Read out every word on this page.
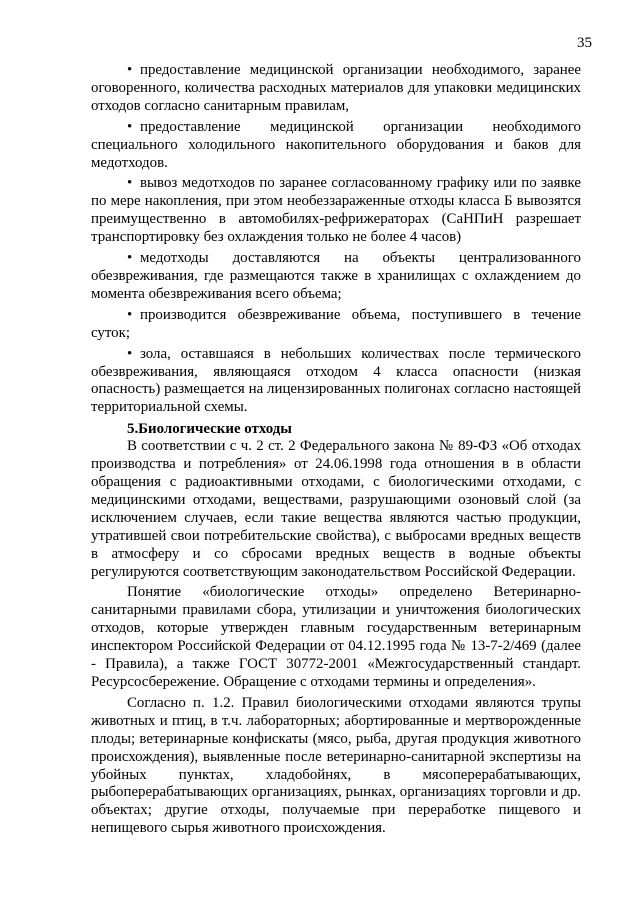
35

• предоставление медицинской организации необходимого, заранее оговоренного, количества расходных материалов для упаковки медицинских отходов согласно санитарным правилам,

• предоставление медицинской организации необходимого специального холодильного накопительного оборудования и баков для медотходов.

• вывоз медотходов по заранее согласованному графику или по заявке по мере накопления, при этом необеззараженные отходы класса Б вывозятся преимущественно в автомобилях-рефрижераторах (СаНПиН разрешает транспортировку без охлаждения только не более 4 часов)

• медотходы доставляются на объекты централизованного обезвреживания, где размещаются также в хранилищах с охлаждением до момента обезвреживания всего объема;

• производится обезвреживание объема, поступившего в течение суток;

• зола, оставшаяся в небольших количествах после термического обезвреживания, являющаяся отходом 4 класса опасности (низкая опасность) размещается на лицензированных полигонах согласно настоящей территориальной схемы.

5.Биологические отходы

В соответствии с ч. 2 ст. 2 Федерального закона № 89-ФЗ «Об отходах производства и потребления» от 24.06.1998 года отношения в в области обращения с радиоактивными отходами, с биологическими отходами, с медицинскими отходами, веществами, разрушающими озоновый слой (за исключением случаев, если такие вещества являются частью продукции, утратившей свои потребительские свойства), с выбросами вредных веществ в атмосферу и со сбросами вредных веществ в водные объекты регулируются соответствующим законодательством Российской Федерации.

Понятие «биологические отходы» определено Ветеринарно-санитарными правилами сбора, утилизации и уничтожения биологических отходов, которые утвержден главным государственным ветеринарным инспектором Российской Федерации от 04.12.1995 года № 13-7-2/469 (далее - Правила), а также ГОСТ 30772-2001 «Межгосударственный стандарт. Ресурсосбережение. Обращение с отходами термины и определения».

Согласно п. 1.2. Правил биологическими отходами являются трупы животных и птиц, в т.ч. лабораторных; абортированные и мертворожденные плоды; ветеринарные конфискаты (мясо, рыба, другая продукция животного происхождения), выявленные после ветеринарно-санитарной экспертизы на убойных пунктах, хладобойнях, в мясоперерабатывающих, рыбоперерабатывающих организациях, рынках, организациях торговли и др. объектах; другие отходы, получаемые при переработке пищевого и непищевого сырья животного происхождения.
